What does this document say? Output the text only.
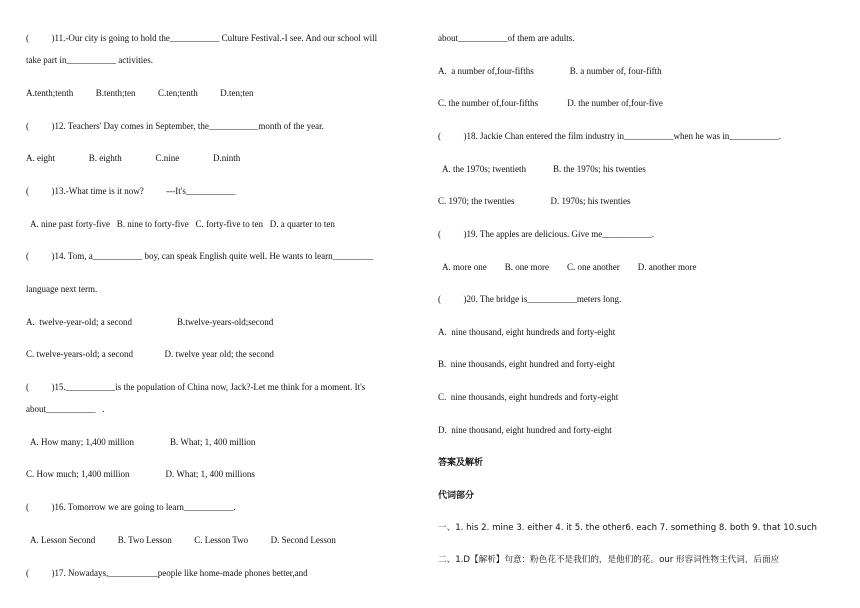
(          )11.-Our city is going to hold the___________ Culture Festival.-I see. And our school will
take part in___________ activities.
A.tenth;tenth          B.tenth;ten          C.ten;tenth          D.ten;ten
(          )12. Teachers' Day comes in September, the___________month of the year.
A. eight               B. eighth               C.nine               D.ninth
(          )13.-What time is it now?          ---It's___________
A. nine past forty-five   B. nine to forty-five   C. forty-five to ten   D. a quarter to ten
(          )14. Tom, a___________ boy, can speak English quite well. He wants to learn_________
language next term.
A.  twelve-year-old; a second                    B.twelve-years-old;second
C. twelve-years-old; a second              D. twelve year old; the second
(          )15.___________is the population of China now, Jack?-Let me think for a moment. It's
about___________   .
A. How many; 1,400 million                B. What; 1, 400 million
C. How much; 1,400 million                D. What; 1, 400 millions
(          )16. Tomorrow we are going to learn___________.
A. Lesson Second          B. Two Lesson          C. Lesson Two          D. Second Lesson
(          )17. Nowadays,___________people like home-made phones better,and
about___________of them are adults.
A.  a number of,four-fifths                B. a number of, four-fifth
C. the number of,four-fifths             D. the number of,four-five
(          )18. Jackie Chan entered the film industry in___________when he was in___________.
A. the 1970s; twentieth            B. the 1970s; his twenties
C. 1970; the twenties                D. 1970s; his twenties
(          )19. The apples are delicious. Give me___________.
A. more one        B. one more        C. one another        D. another more
(          )20. The bridge is___________meters long.
A.  nine thousand, eight hundreds and forty-eight
B.  nine thousands, eight hundred and forty-eight
C.  nine thousands, eight hundreds and forty-eight
D.  nine thousand, eight hundred and forty-eight
答案及解析
代词部分
一、1. his 2. mine 3. either 4. it 5. the other6. each 7. something 8. both 9. that 10.such
二、1.D【解析】句意：粉色花不是我们的，是他们的花。our 形容词性物主代词，后面应
